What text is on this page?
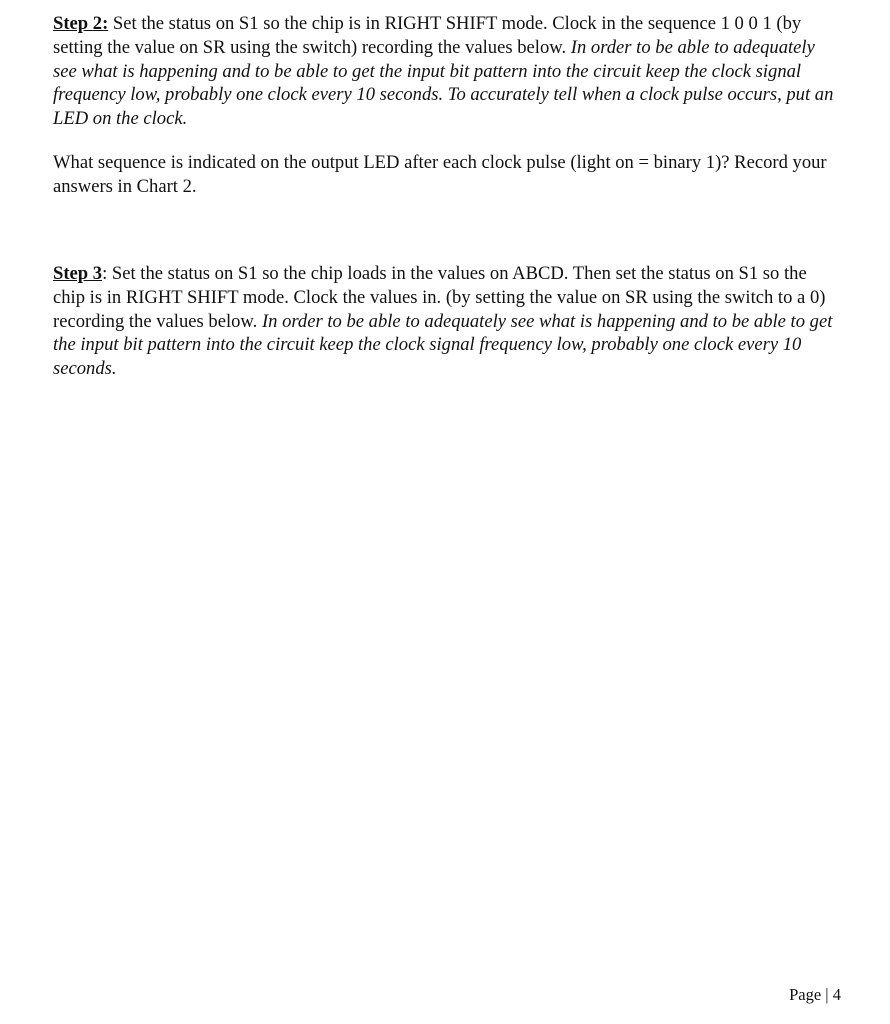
Step 2: Set the status on S1 so the chip is in RIGHT SHIFT mode. Clock in the sequence 1 0 0 1 (by setting the value on SR using the switch) recording the values below. In order to be able to adequately see what is happening and to be able to get the input bit pattern into the circuit keep the clock signal frequency low, probably one clock every 10 seconds. To accurately tell when a clock pulse occurs, put an LED on the clock.

What sequence is indicated on the output LED after each clock pulse (light on = binary 1)? Record your answers in Chart 2.

Step 3: Set the status on S1 so the chip loads in the values on ABCD. Then set the status on S1 so the chip is in RIGHT SHIFT mode. Clock the values in. (by setting the value on SR using the switch to a 0) recording the values below. In order to be able to adequately see what is happening and to be able to get the input bit pattern into the circuit keep the clock signal frequency low, probably one clock every 10 seconds.

Page | 4
